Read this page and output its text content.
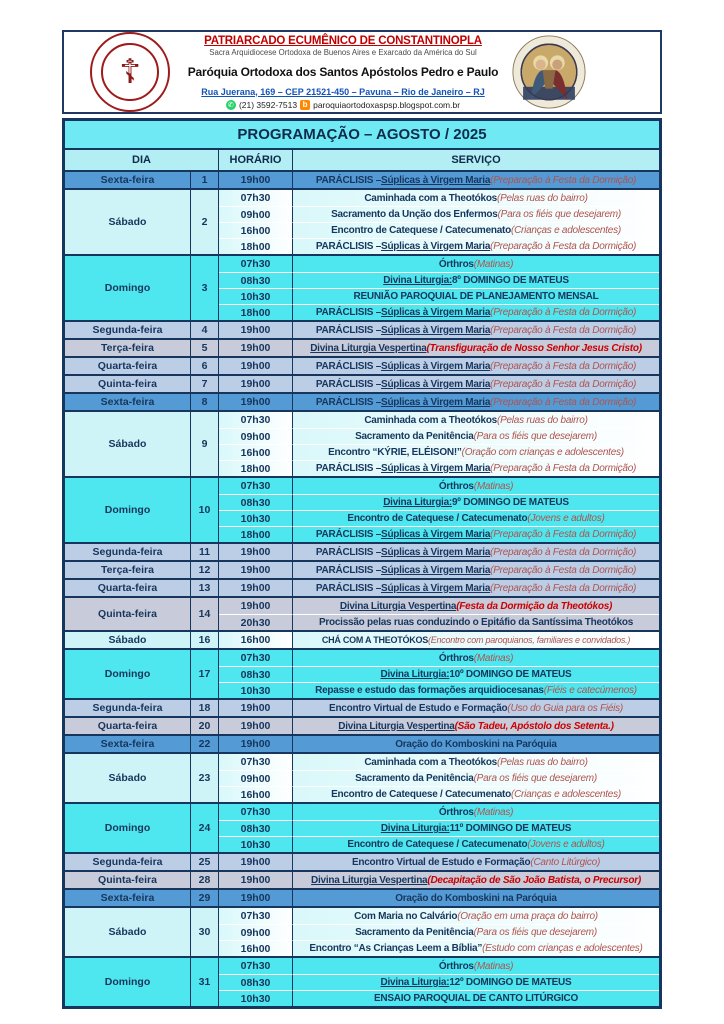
☦
PATRIARCADO ECUMÊNICO DE CONSTANTINOPLA
Sacra Arquidiocese Ortodoxa de Buenos Aires e Exarcado da América do Sul
Paróquia Ortodoxa dos Santos Apóstolos Pedro e Paulo
Rua Juerana, 169 – CEP 21521-450 – Pavuna – Rio de Janeiro – RJ
✆ (21) 3592-7513 b paroquiaortodoxaspsp.blogspot.com.br
PROGRAMAÇÃO – AGOSTO / 2025
DIA	HORÁRIO	SERVIÇO
Sexta-feira	1	19h00	PARÁCLISIS – Súplicas à Virgem Maria (Preparação à Festa da Dormição)
Sábado	2
07h30	Caminhada com a Theotókos (Pelas ruas do bairro)
09h00	Sacramento da Unção dos Enfermos (Para os fiéis que desejarem)
16h00	Encontro de Catequese / Catecumenato (Crianças e adolescentes)
18h00	PARÁCLISIS – Súplicas à Virgem Maria (Preparação à Festa da Dormição)
Domingo	3
07h30	Órthros (Matinas)
08h30	Divina Liturgia: 8º DOMINGO DE MATEUS
10h30	REUNIÃO PAROQUIAL DE PLANEJAMENTO MENSAL
18h00	PARÁCLISIS – Súplicas à Virgem Maria (Preparação à Festa da Dormição)
Segunda-feira	4	19h00	PARÁCLISIS – Súplicas à Virgem Maria (Preparação à Festa da Dormição)
Terça-feira	5	19h00	Divina Liturgia Vespertina (Transfiguração de Nosso Senhor Jesus Cristo)
Quarta-feira	6	19h00	PARÁCLISIS – Súplicas à Virgem Maria (Preparação à Festa da Dormição)
Quinta-feira	7	19h00	PARÁCLISIS – Súplicas à Virgem Maria (Preparação à Festa da Dormição)
Sexta-feira	8	19h00	PARÁCLISIS – Súplicas à Virgem Maria (Preparação à Festa da Dormição)
Sábado	9
07h30	Caminhada com a Theotókos (Pelas ruas do bairro)
09h00	Sacramento da Penitência (Para os fiéis que desejarem)
16h00	Encontro “KÝRIE, ELÉISON!” (Oração com crianças e adolescentes)
18h00	PARÁCLISIS – Súplicas à Virgem Maria (Preparação à Festa da Dormição)
Domingo	10
07h30	Órthros (Matinas)
08h30	Divina Liturgia: 9º DOMINGO DE MATEUS
10h30	Encontro de Catequese / Catecumenato (Jovens e adultos)
18h00	PARÁCLISIS – Súplicas à Virgem Maria (Preparação à Festa da Dormição)
Segunda-feira	11	19h00	PARÁCLISIS – Súplicas à Virgem Maria (Preparação à Festa da Dormição)
Terça-feira	12	19h00	PARÁCLISIS – Súplicas à Virgem Maria (Preparação à Festa da Dormição)
Quarta-feira	13	19h00	PARÁCLISIS – Súplicas à Virgem Maria (Preparação à Festa da Dormição)
Quinta-feira	14
19h00	Divina Liturgia Vespertina (Festa da Dormição da Theotókos)
20h30	Procissão pelas ruas conduzindo o Epitáfio da Santíssima Theotókos
Sábado	16	16h00	CHÁ COM A THEOTÓKOS (Encontro com paroquianos, familiares e convidados.)
Domingo	17
07h30	Órthros (Matinas)
08h30	Divina Liturgia: 10º DOMINGO DE MATEUS
10h30	Repasse e estudo das formações arquidiocesanas (Fiéis e catecúmenos)
Segunda-feira	18	19h00	Encontro Virtual de Estudo e Formação (Uso do Guia para os Fiéis)
Quarta-feira	20	19h00	Divina Liturgia Vespertina (São Tadeu, Apóstolo dos Setenta.)
Sexta-feira	22	19h00	Oração do Komboskini na Paróquia
Sábado	23
07h30	Caminhada com a Theotókos (Pelas ruas do bairro)
09h00	Sacramento da Penitência (Para os fiéis que desejarem)
16h00	Encontro de Catequese / Catecumenato (Crianças e adolescentes)
Domingo	24
07h30	Órthros (Matinas)
08h30	Divina Liturgia: 11º DOMINGO DE MATEUS
10h30	Encontro de Catequese / Catecumenato (Jovens e adultos)
Segunda-feira	25	19h00	Encontro Virtual de Estudo e Formação (Canto Litúrgico)
Quinta-feira	28	19h00	Divina Liturgia Vespertina (Decapitação de São João Batista, o Precursor)
Sexta-feira	29	19h00	Oração do Komboskini na Paróquia
Sábado	30
07h30	Com Maria no Calvário (Oração em uma praça do bairro)
09h00	Sacramento da Penitência (Para os fiéis que desejarem)
16h00	Encontro “As Crianças Leem a Bíblia” (Estudo com crianças e adolescentes)
Domingo	31
07h30	Órthros (Matinas)
08h30	Divina Liturgia: 12º DOMINGO DE MATEUS
10h30	ENSAIO PAROQUIAL DE CANTO LITÚRGICO
